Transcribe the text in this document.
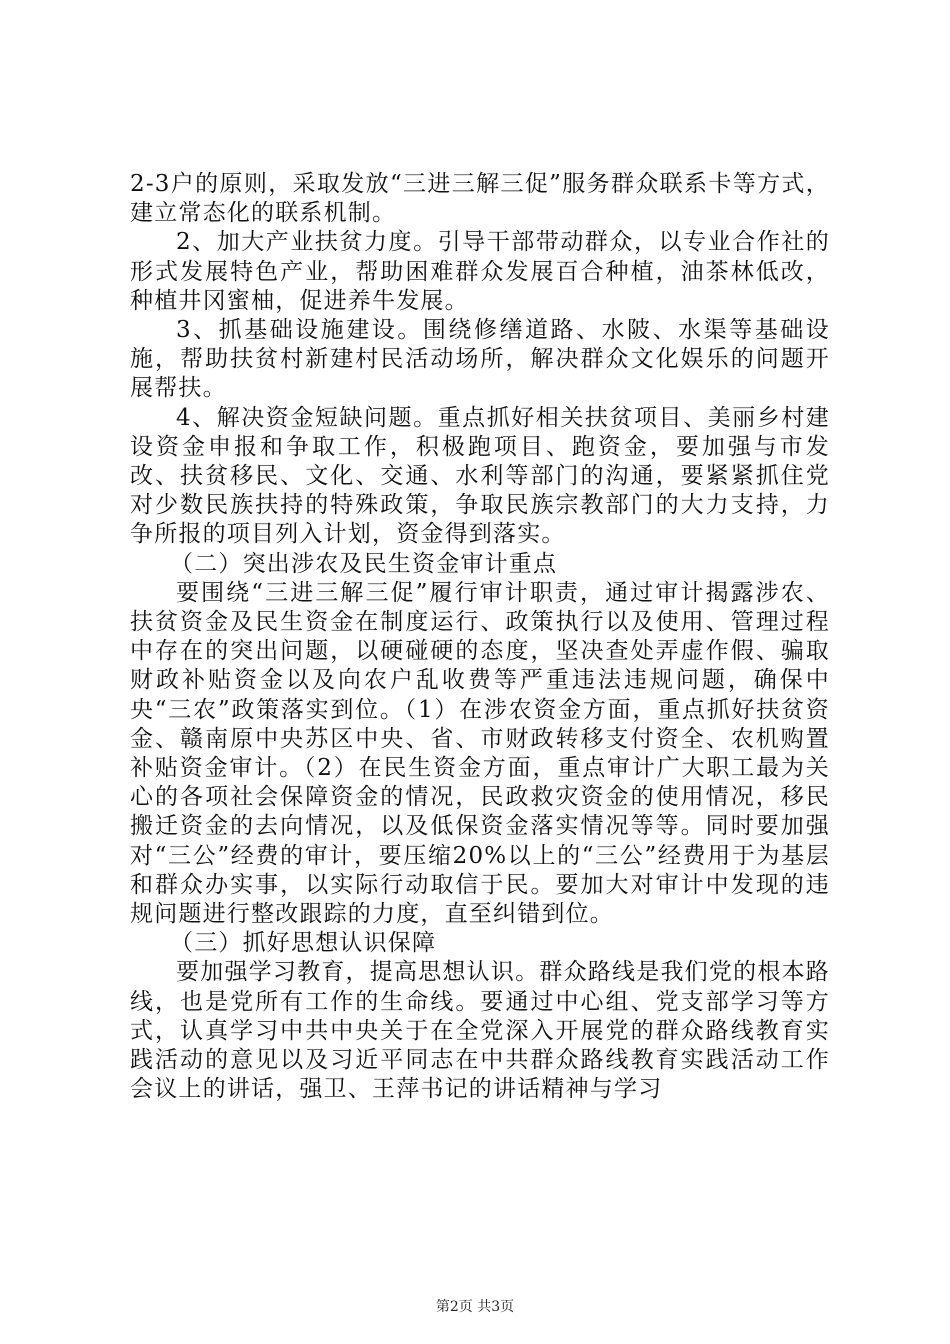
2-3户的原则，采取发放“三进三解三促”服务群众联系卡等方式，建立常态化的联系机制。

2、加大产业扶贫力度。引导干部带动群众，以专业合作社的形式发展特色产业，帮助困难群众发展百合种植，油茶林低改，种植井冈蜜柚，促进养牛发展。

3、抓基础设施建设。围绕修缮道路、水陂、水渠等基础设施，帮助扶贫村新建村民活动场所，解决群众文化娱乐的问题开展帮扶。

4、解决资金短缺问题。重点抓好相关扶贫项目、美丽乡村建设资金申报和争取工作，积极跑项目、跑资金，要加强与市发改、扶贫移民、文化、交通、水利等部门的沟通，要紧紧抓住党对少数民族扶持的特殊政策，争取民族宗教部门的大力支持，力争所报的项目列入计划，资金得到落实。

（二）突出涉农及民生资金审计重点

要围绕“三进三解三促”履行审计职责，通过审计揭露涉农、扶贫资金及民生资金在制度运行、政策执行以及使用、管理过程中存在的突出问题，以硬碰硬的态度，坚决查处弄虚作假、骗取财政补贴资金以及向农户乱收费等严重违法违规问题，确保中央“三农”政策落实到位。（1）在涉农资金方面，重点抓好扶贫资金、赣南原中央苏区中央、省、市财政转移支付资全、农机购置补贴资金审计。（2）在民生资金方面，重点审计广大职工最为关心的各项社会保障资金的情况，民政救灾资金的使用情况，移民搬迁资金的去向情况，以及低保资金落实情况等等。同时要加强对“三公”经费的审计，要压缩20%以上的“三公”经费用于为基层和群众办实事，以实际行动取信于民。要加大对审计中发现的违规问题进行整改跟踪的力度，直至纠错到位。

（三）抓好思想认识保障

要加强学习教育，提高思想认识。群众路线是我们党的根本路线，也是党所有工作的生命线。要通过中心组、党支部学习等方式，认真学习中共中央关于在全党深入开展党的群众路线教育实践活动的意见以及习近平同志在中共群众路线教育实践活动工作会议上的讲话，强卫、王萍书记的讲话精神与学习

第2页 共3页
